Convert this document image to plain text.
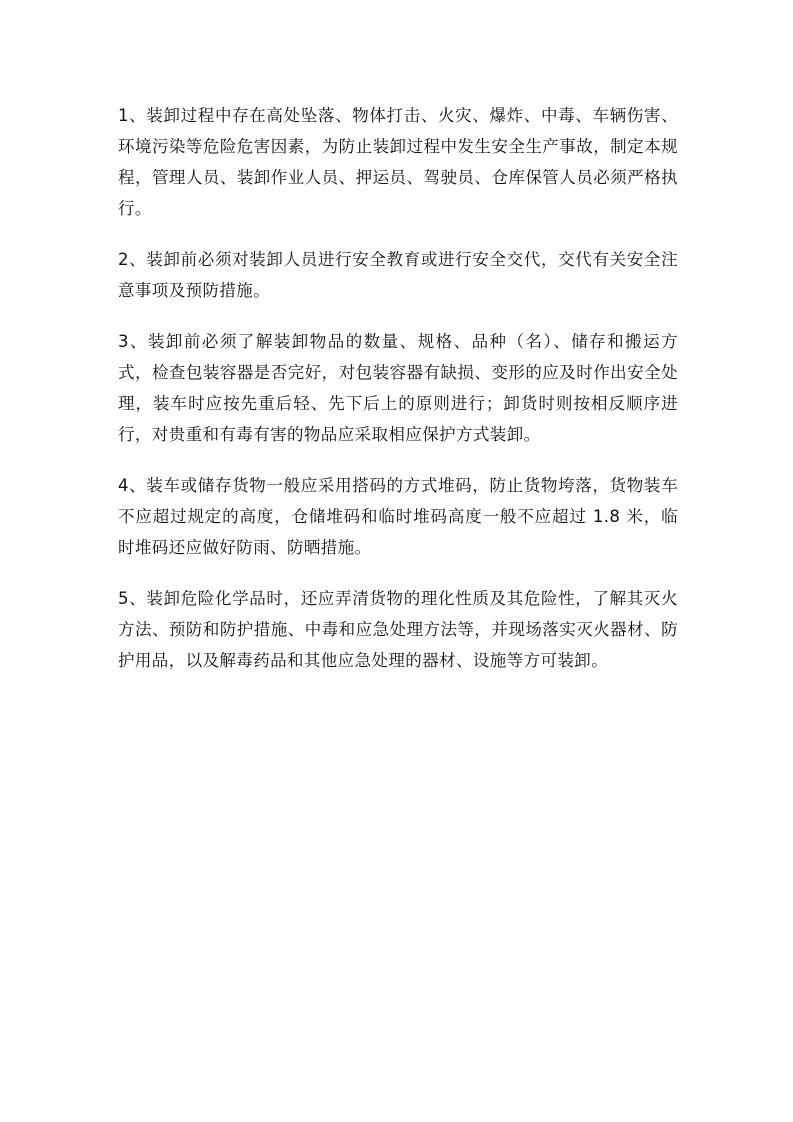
1、装卸过程中存在高处坠落、物体打击、火灾、爆炸、中毒、车辆伤害、环境污染等危险危害因素，为防止装卸过程中发生安全生产事故，制定本规程，管理人员、装卸作业人员、押运员、驾驶员、仓库保管人员必须严格执行。

2、装卸前必须对装卸人员进行安全教育或进行安全交代，交代有关安全注意事项及预防措施。

3、装卸前必须了解装卸物品的数量、规格、品种（名）、储存和搬运方式，检查包装容器是否完好，对包装容器有缺损、变形的应及时作出安全处理，装车时应按先重后轻、先下后上的原则进行；卸货时则按相反顺序进行，对贵重和有毒有害的物品应采取相应保护方式装卸。

4、装车或储存货物一般应采用搭码的方式堆码，防止货物垮落，货物装车不应超过规定的高度，仓储堆码和临时堆码高度一般不应超过 1.8 米，临时堆码还应做好防雨、防晒措施。

5、装卸危险化学品时，还应弄清货物的理化性质及其危险性，了解其灭火方法、预防和防护措施、中毒和应急处理方法等，并现场落实灭火器材、防护用品，以及解毒药品和其他应急处理的器材、设施等方可装卸。
